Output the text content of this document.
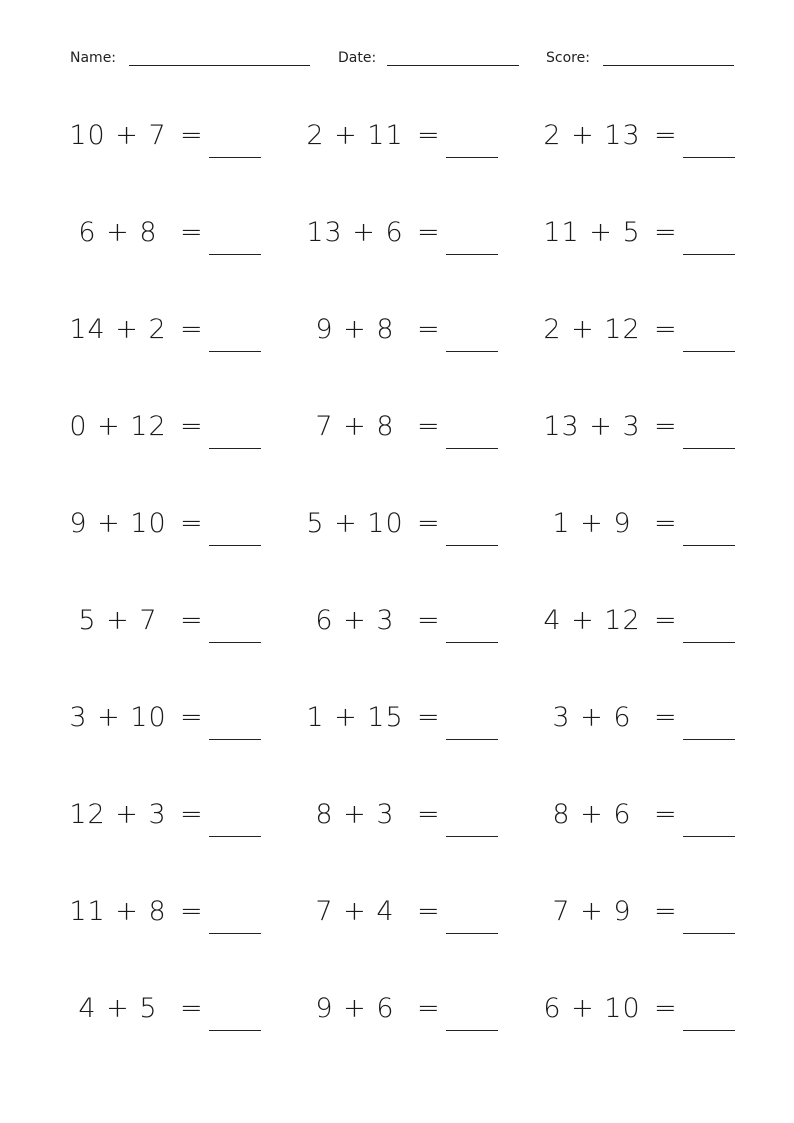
Name:	Date:	Score:
10 + 7 =	2 + 11 =	2 + 13 =
6 + 8 =	13 + 6 =	11 + 5 =
14 + 2 =	9 + 8 =	2 + 12 =
0 + 12 =	7 + 8 =	13 + 3 =
9 + 10 =	5 + 10 =	1 + 9 =
5 + 7 =	6 + 3 =	4 + 12 =
3 + 10 =	1 + 15 =	3 + 6 =
12 + 3 =	8 + 3 =	8 + 6 =
11 + 8 =	7 + 4 =	7 + 9 =
4 + 5 =	9 + 6 =	6 + 10 =
